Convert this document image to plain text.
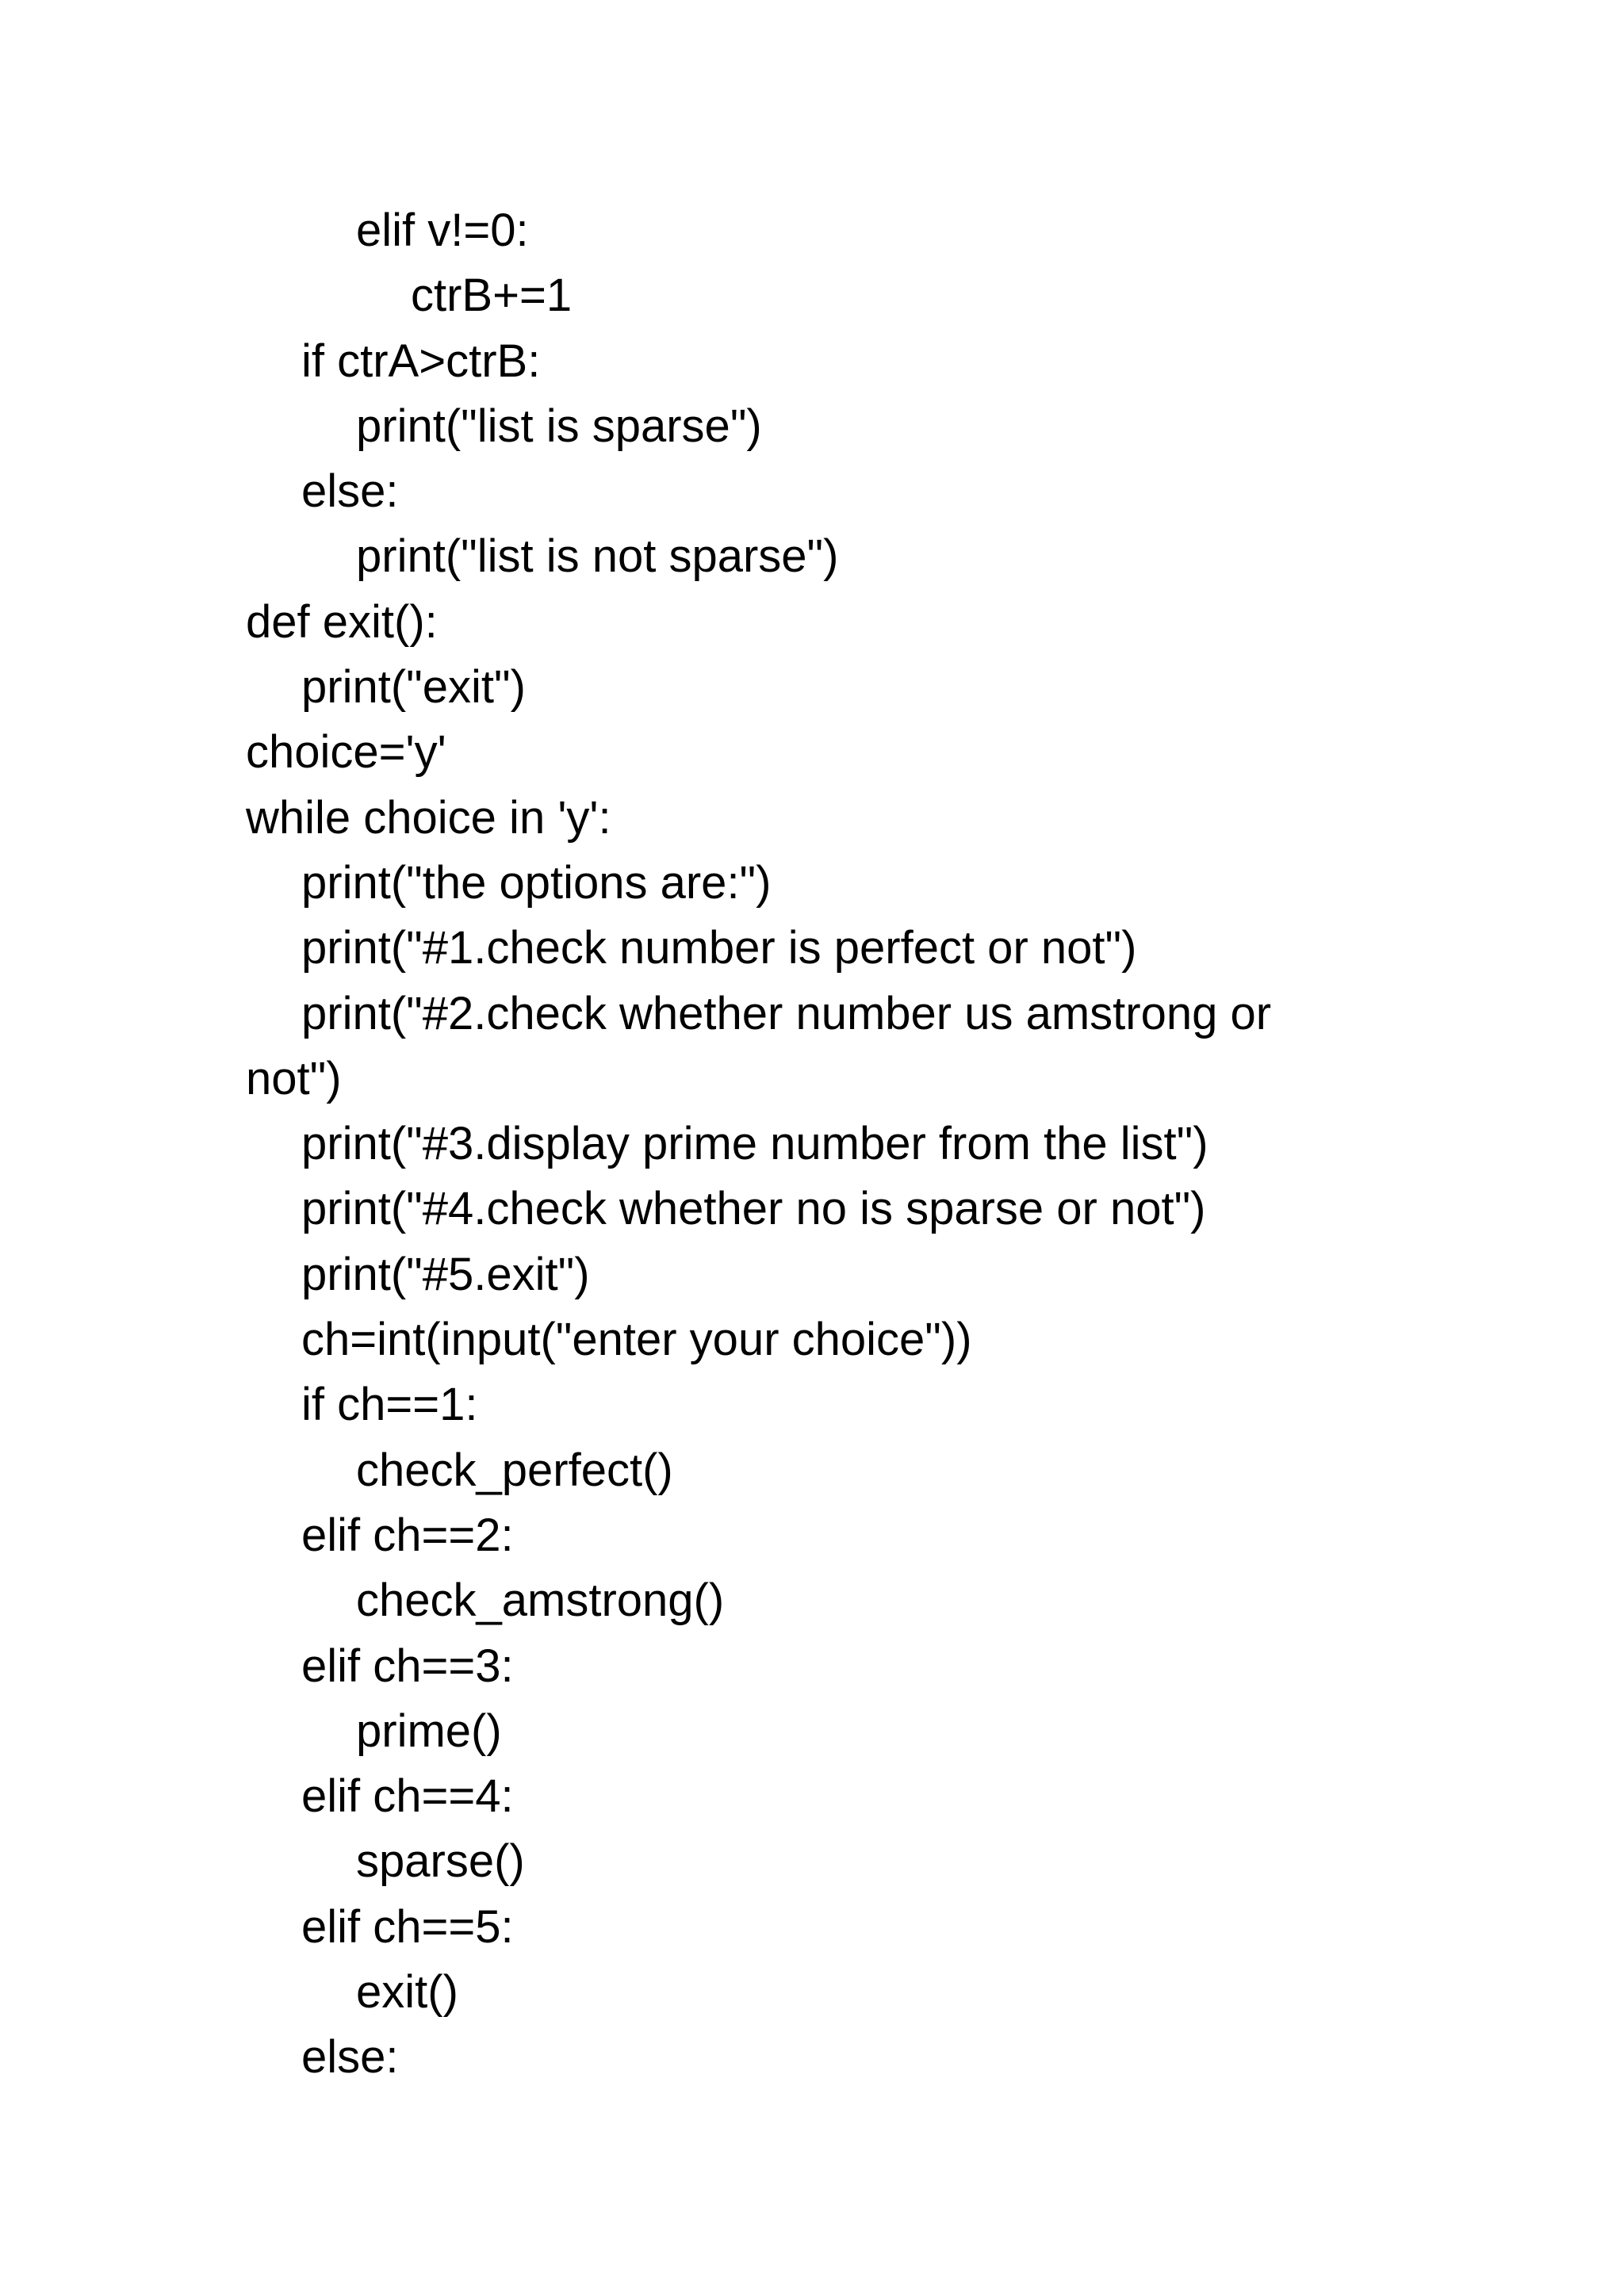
elif v!=0:
ctrB+=1
if ctrA>ctrB:
print("list is sparse")
else:
print("list is not sparse")
def exit():
print("exit")
choice='y'
while choice in 'y':
print("the options are:")
print("#1.check number is perfect or not")
print("#2.check whether number us amstrong or
not")
print("#3.display prime number from the list")
print("#4.check whether no is sparse or not")
print("#5.exit")
ch=int(input("enter your choice"))
if ch==1:
check_perfect()
elif ch==2:
check_amstrong()
elif ch==3:
prime()
elif ch==4:
sparse()
elif ch==5:
exit()
else:
